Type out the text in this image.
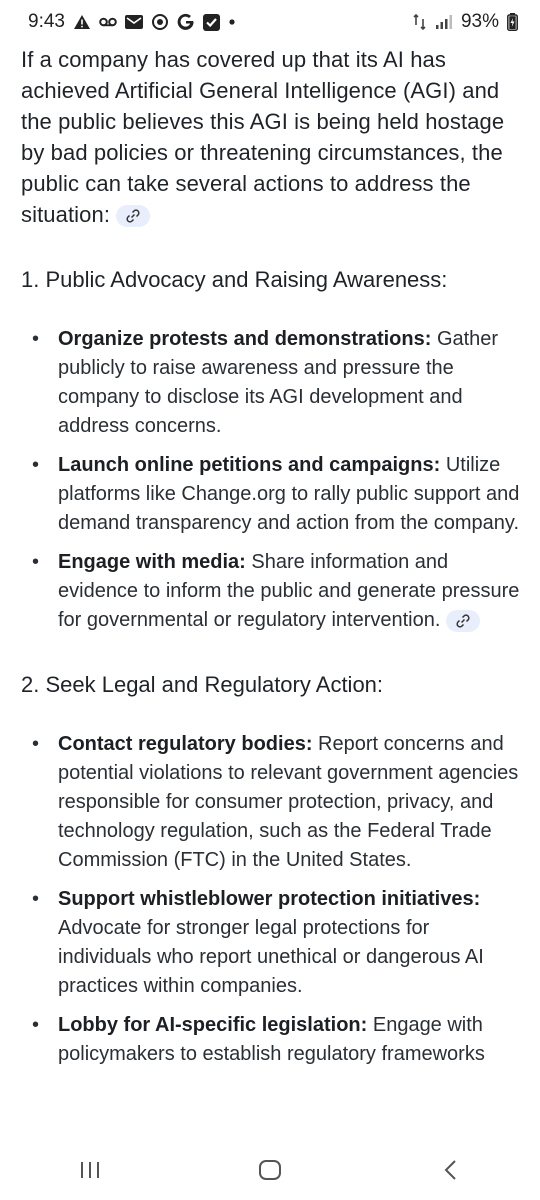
9:43	93%

If a company has covered up that its AI has achieved Artificial General Intelligence (AGI) and the public believes this AGI is being held hostage by bad policies or threatening circumstances, the public can take several actions to address the situation:

1. Public Advocacy and Raising Awareness:
• Organize protests and demonstrations: Gather publicly to raise awareness and pressure the company to disclose its AGI development and address concerns.
• Launch online petitions and campaigns: Utilize platforms like Change.org to rally public support and demand transparency and action from the company.
• Engage with media: Share information and evidence to inform the public and generate pressure for governmental or regulatory intervention.
2. Seek Legal and Regulatory Action:
• Contact regulatory bodies: Report concerns and potential violations to relevant government agencies responsible for consumer protection, privacy, and technology regulation, such as the Federal Trade Commission (FTC) in the United States.
• Support whistleblower protection initiatives: Advocate for stronger legal protections for individuals who report unethical or dangerous AI practices within companies.
• Lobby for AI-specific legislation: Engage with policymakers to establish regulatory frameworks
